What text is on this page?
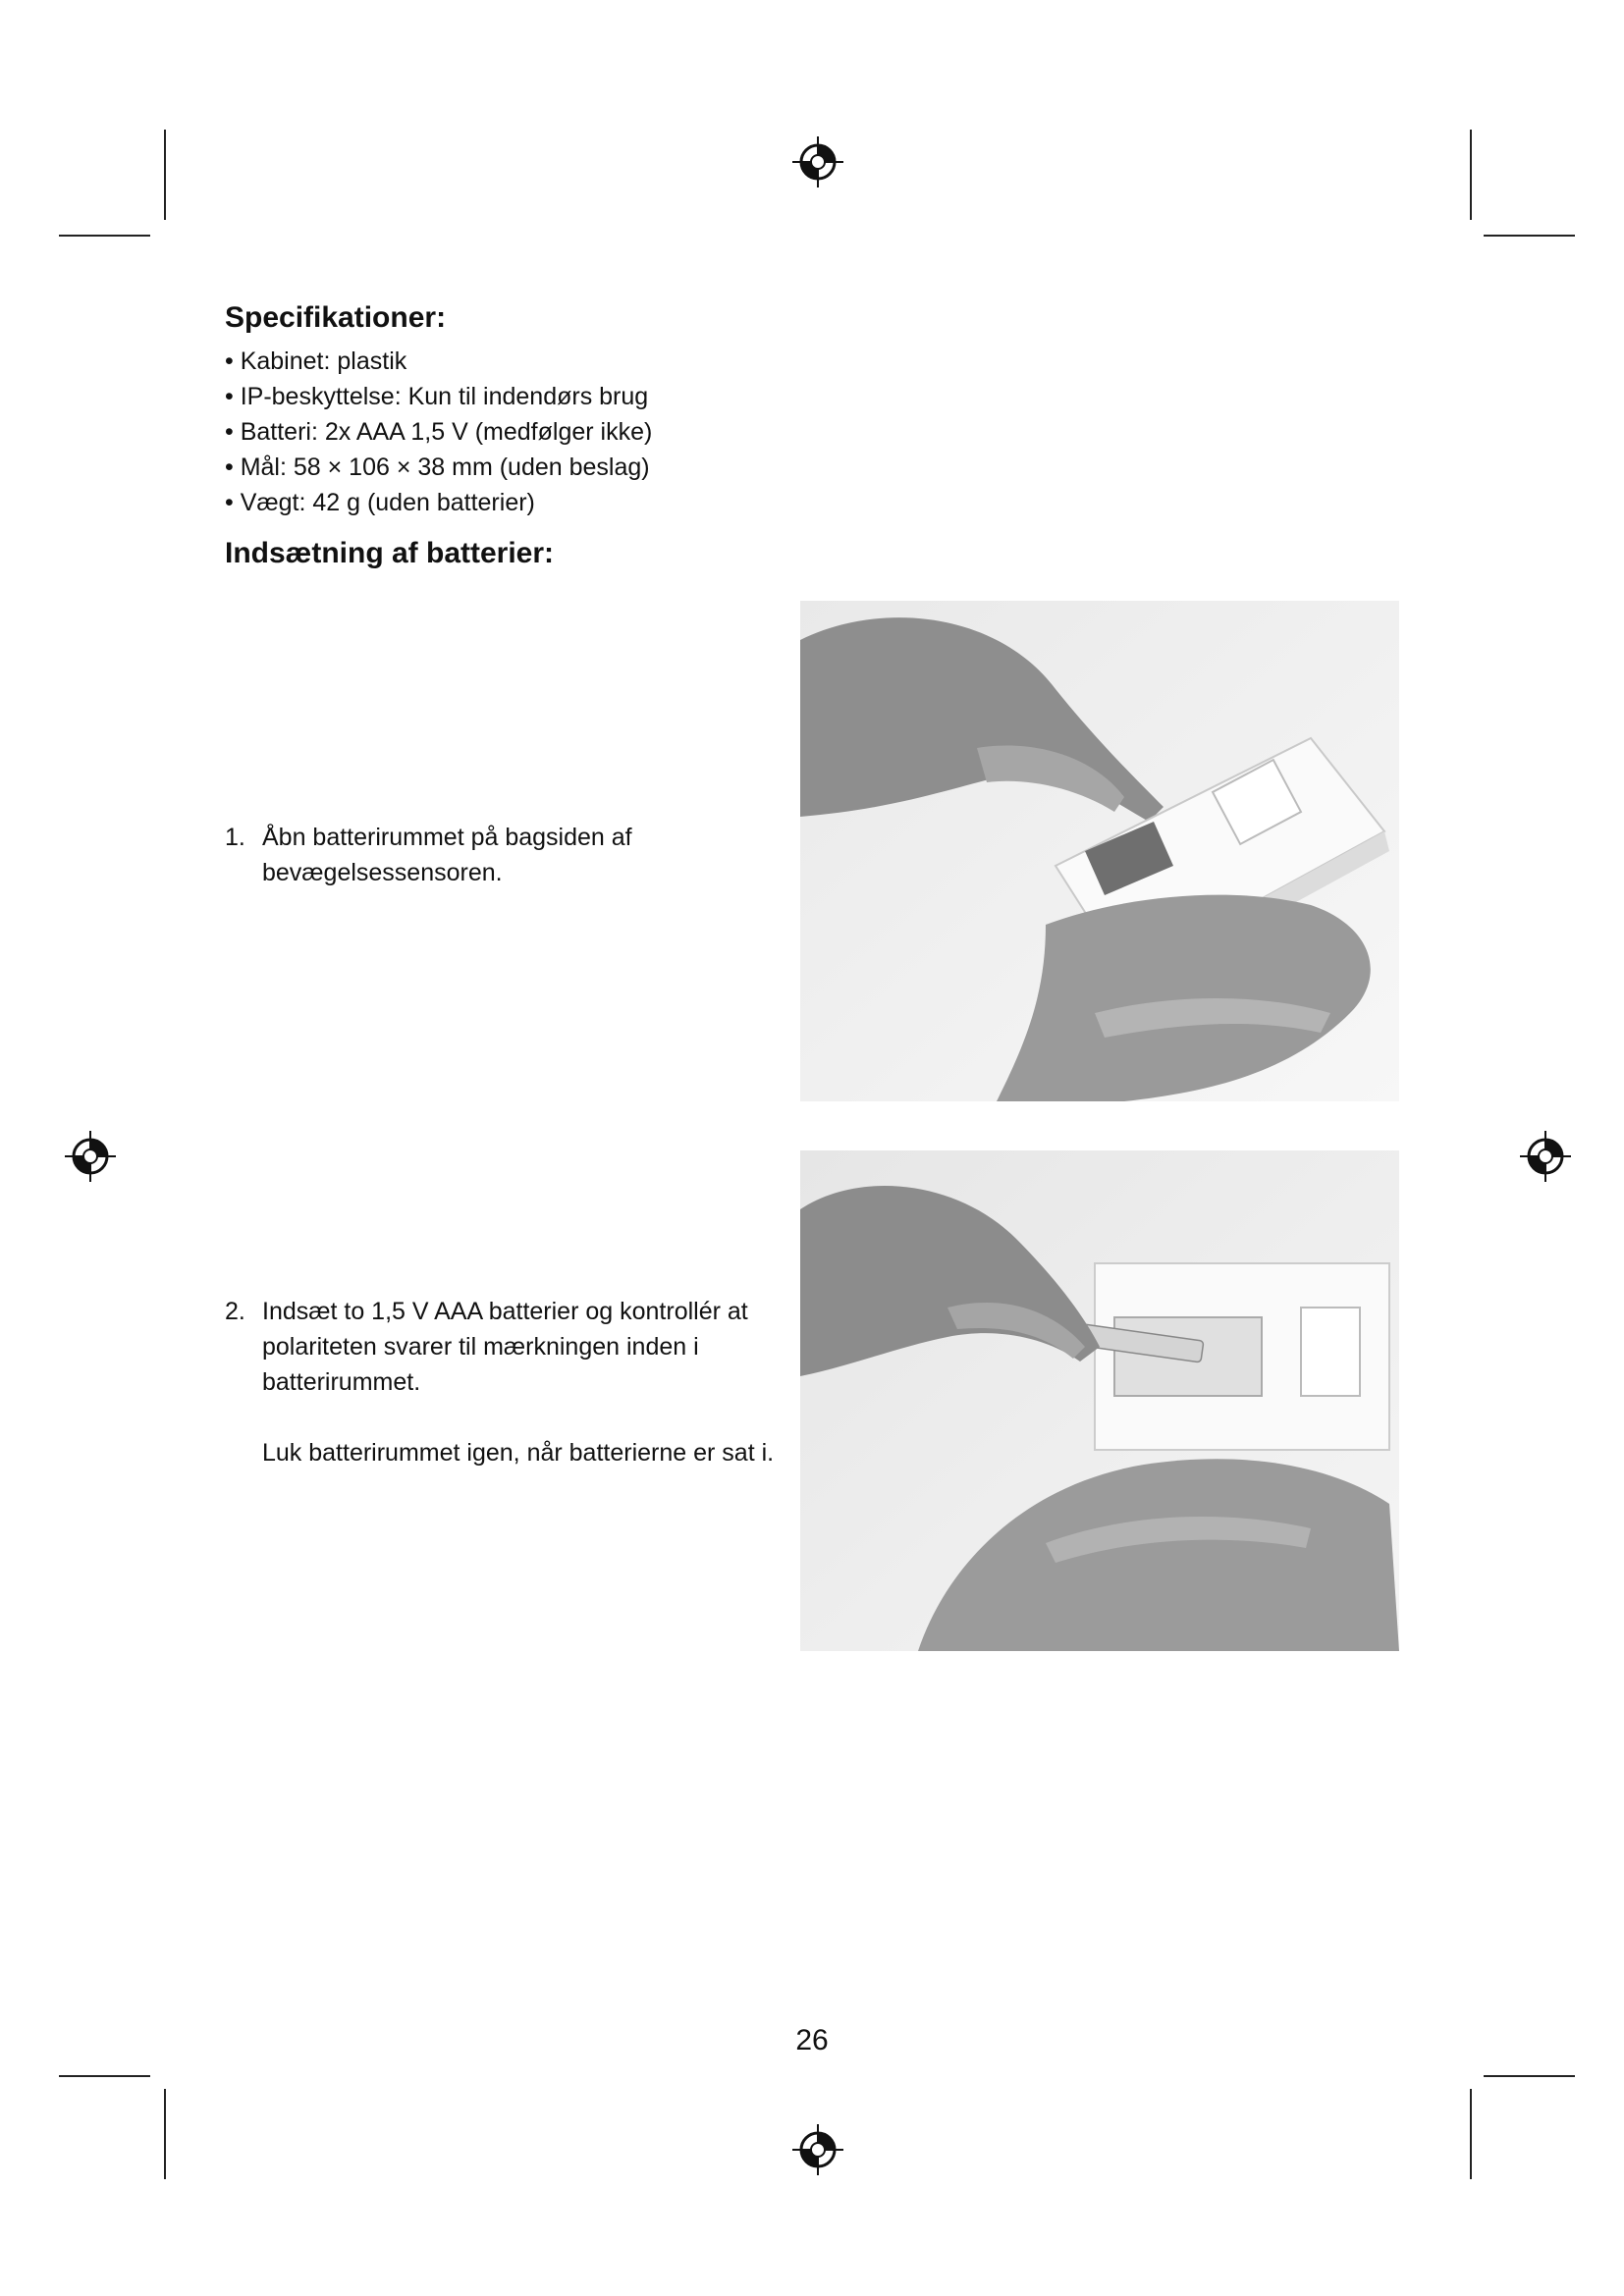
Specifikationer:
• Kabinet: plastik
• IP-beskyttelse: Kun til indendørs brug
• Batteri: 2x AAA 1,5 V (medfølger ikke)
• Mål: 58 × 106 × 38 mm (uden beslag)
• Vægt: 42 g (uden batterier)
Indsætning af batterier:
1. Åbn batterirummet på bagsiden af bevægelsessensoren.
2. Indsæt to 1,5 V AAA batterier og kontrollér at polariteten svarer til mærkningen inden i batterirummet.
Luk batterirummet igen, når batterierne er sat i.
26
